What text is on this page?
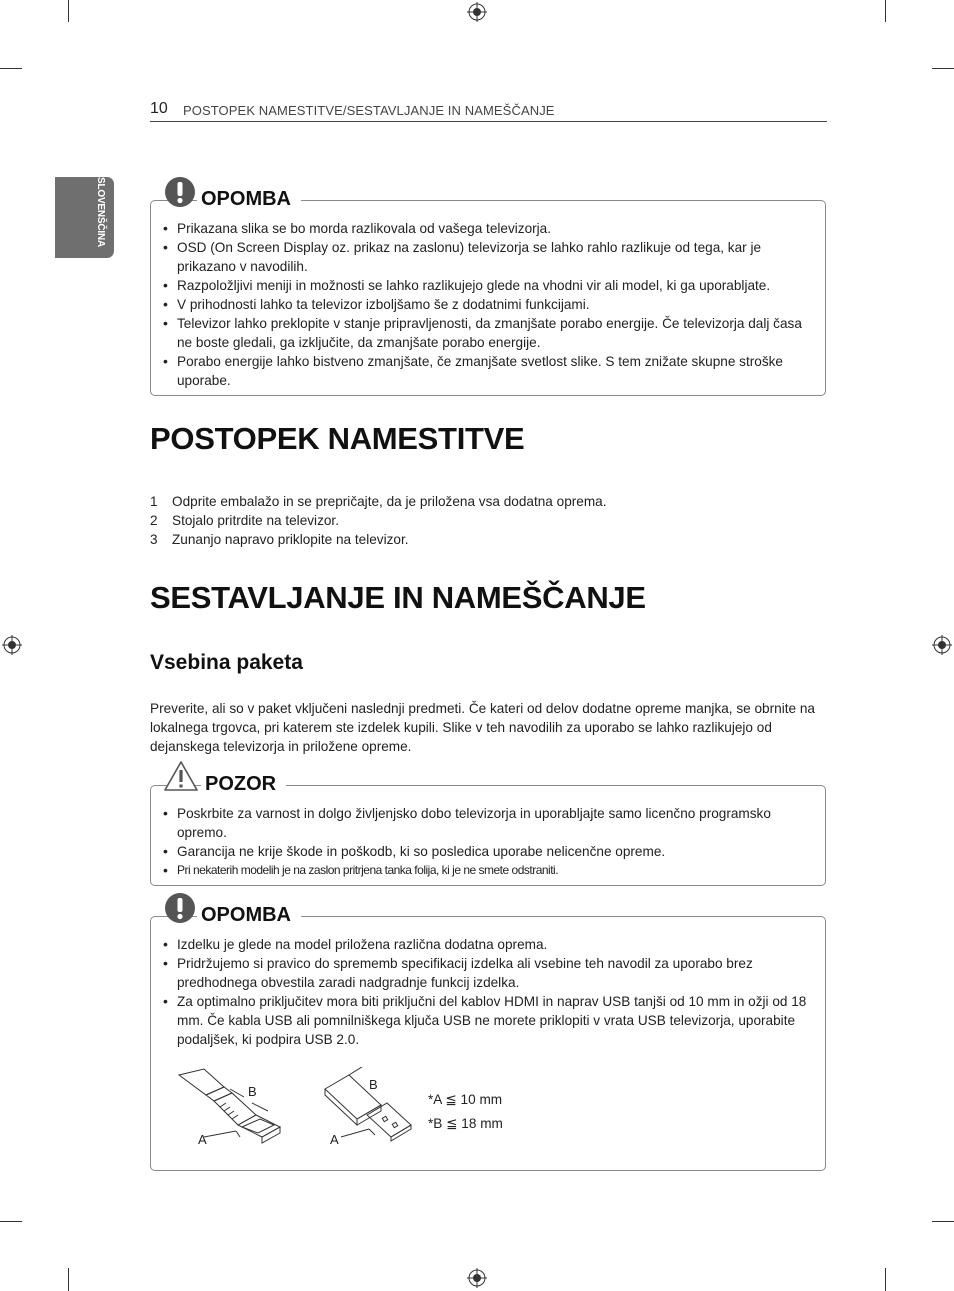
10 POSTOPEK NAMESTITVE/SESTAVLJANJE IN NAMEŠČANJE
SLOVENŠČINA	OPOMBA
• Prikazana slika se bo morda razlikovala od vašega televizorja.
• OSD (On Screen Display oz. prikaz na zaslonu) televizorja se lahko rahlo razlikuje od tega, kar je prikazano v navodilih.
• Razpoložljivi meniji in možnosti se lahko razlikujejo glede na vhodni vir ali model, ki ga uporabljate.
• V prihodnosti lahko ta televizor izboljšamo še z dodatnimi funkcijami.
• Televizor lahko preklopite v stanje pripravljenosti, da zmanjšate porabo energije. Če televizorja dalj časa ne boste gledali, ga izklјučite, da zmanjšate porabo energije.
• Porabo energije lahko bistveno zmanjšate, če zmanjšate svetlost slike. S tem znižate skupne stroške uporabe.
POSTOPEK NAMESTITVE
1 Odprite embalažo in se prepričajte, da je priložena vsa dodatna oprema.
2 Stojalo pritrdite na televizor.
3 Zunanjo napravo priklopite na televizor.
SESTAVLJANJE IN NAMEŠČANJE
Vsebina paketa
Preverite, ali so v paket vključeni naslednji predmeti. Če kateri od delov dodatne opreme manjka, se obrnite na lokalnega trgovca, pri katerem ste izdelek kupili. Slike v teh navodilih za uporabo se lahko razlikujejo od dejanskega televizorja in priložene opreme.
POZOR
• Poskrbite za varnost in dolgo življenjsko dobo televizorja in uporabljajte samo licenčno programsko opremo.
• Garancija ne krije škode in poškodb, ki so posledica uporabe nelicenčne opreme.
• Pri nekaterih modelih je na zaslon pritrjena tanka folija, ki je ne smete odstraniti.
OPOMBA
• Izdelku je glede na model priložena različna dodatna oprema.
• Pridržujemo si pravico do sprememb specifikacij izdelka ali vsebine teh navodil za uporabo brez predhodnega obvestila zaradi nadgradnje funkcij izdelka.
• Za optimalno priključitev mora biti priključni del kablov HDMI in naprav USB tanjši od 10 mm in ožji od 18 mm. Če kabla USB ali pomnilniškega ključa USB ne morete priklopiti v vrata USB televizorja, uporabite podaljšek, ki podpira USB 2.0.
B
A
B
A
*A ≦ 10 mm
*B ≦ 18 mm
